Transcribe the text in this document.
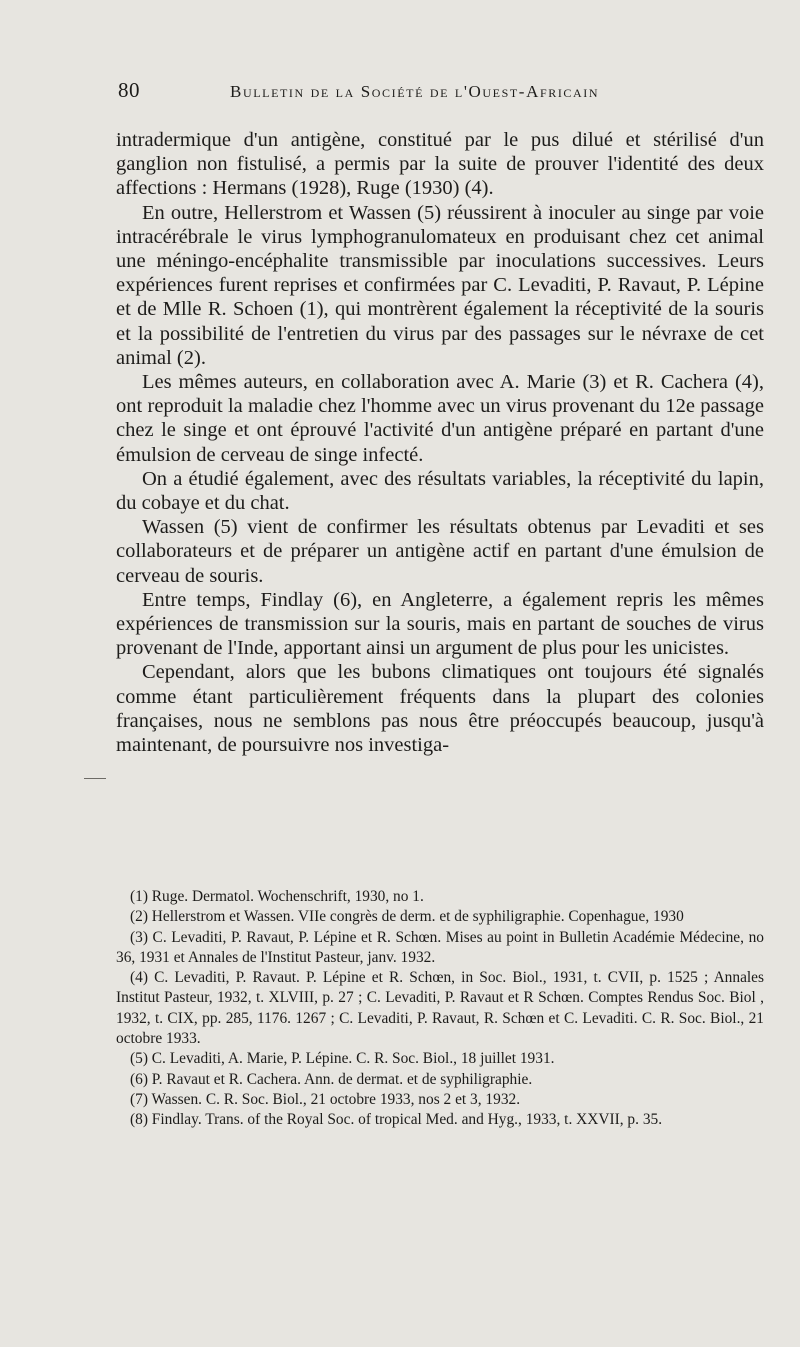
80	Bulletin de la Société de l'Ouest-Africain

intradermique d'un antigène, constitué par le pus dilué et stérilisé d'un ganglion non fistulisé, a permis par la suite de prouver l'identité des deux affections : Hermans (1928), Ruge (1930) (4).

En outre, Hellerstrom et Wassen (5) réussirent à inoculer au singe par voie intracérébrale le virus lymphogranulomateux en produisant chez cet animal une méningo-encéphalite transmissible par inoculations successives. Leurs expériences furent reprises et confirmées par C. Levaditi, P. Ravaut, P. Lépine et de Mlle R. Schoen (1), qui montrèrent également la réceptivité de la souris et la possibilité de l'entretien du virus par des passages sur le névraxe de cet animal (2).

Les mêmes auteurs, en collaboration avec A. Marie (3) et R. Cachera (4), ont reproduit la maladie chez l'homme avec un virus provenant du 12e passage chez le singe et ont éprouvé l'activité d'un antigène préparé en partant d'une émulsion de cerveau de singe infecté.

On a étudié également, avec des résultats variables, la réceptivité du lapin, du cobaye et du chat.

Wassen (5) vient de confirmer les résultats obtenus par Levaditi et ses collaborateurs et de préparer un antigène actif en partant d'une émulsion de cerveau de souris.

Entre temps, Findlay (6), en Angleterre, a également repris les mêmes expériences de transmission sur la souris, mais en partant de souches de virus provenant de l'Inde, apportant ainsi un argument de plus pour les unicistes.

Cependant, alors que les bubons climatiques ont toujours été signalés comme étant particulièrement fréquents dans la plupart des colonies françaises, nous ne semblons pas nous être préoccupés beaucoup, jusqu'à maintenant, de poursuivre nos investiga-

(1) Ruge. Dermatol. Wochenschrift, 1930, no 1.

(2) Hellerstrom et Wassen. VIIe congrès de derm. et de syphiligraphie. Copenhague, 1930

(3) C. Levaditi, P. Ravaut, P. Lépine et R. Schœn. Mises au point in Bulletin Académie Médecine, no 36, 1931 et Annales de l'Institut Pasteur, janv. 1932.

(4) C. Levaditi, P. Ravaut. P. Lépine et R. Schœn, in Soc. Biol., 1931, t. CVII, p. 1525 ; Annales Institut Pasteur, 1932, t. XLVIII, p. 27 ; C. Levaditi, P. Ravaut et R Schœn. Comptes Rendus Soc. Biol , 1932, t. CIX, pp. 285, 1176. 1267 ; C. Levaditi, P. Ravaut, R. Schœn et C. Levaditi. C. R. Soc. Biol., 21 octobre 1933.

(5) C. Levaditi, A. Marie, P. Lépine. C. R. Soc. Biol., 18 juillet 1931.

(6) P. Ravaut et R. Cachera. Ann. de dermat. et de syphiligraphie.

(7) Wassen. C. R. Soc. Biol., 21 octobre 1933, nos 2 et 3, 1932.

(8) Findlay. Trans. of the Royal Soc. of tropical Med. and Hyg., 1933, t. XXVII, p. 35.
